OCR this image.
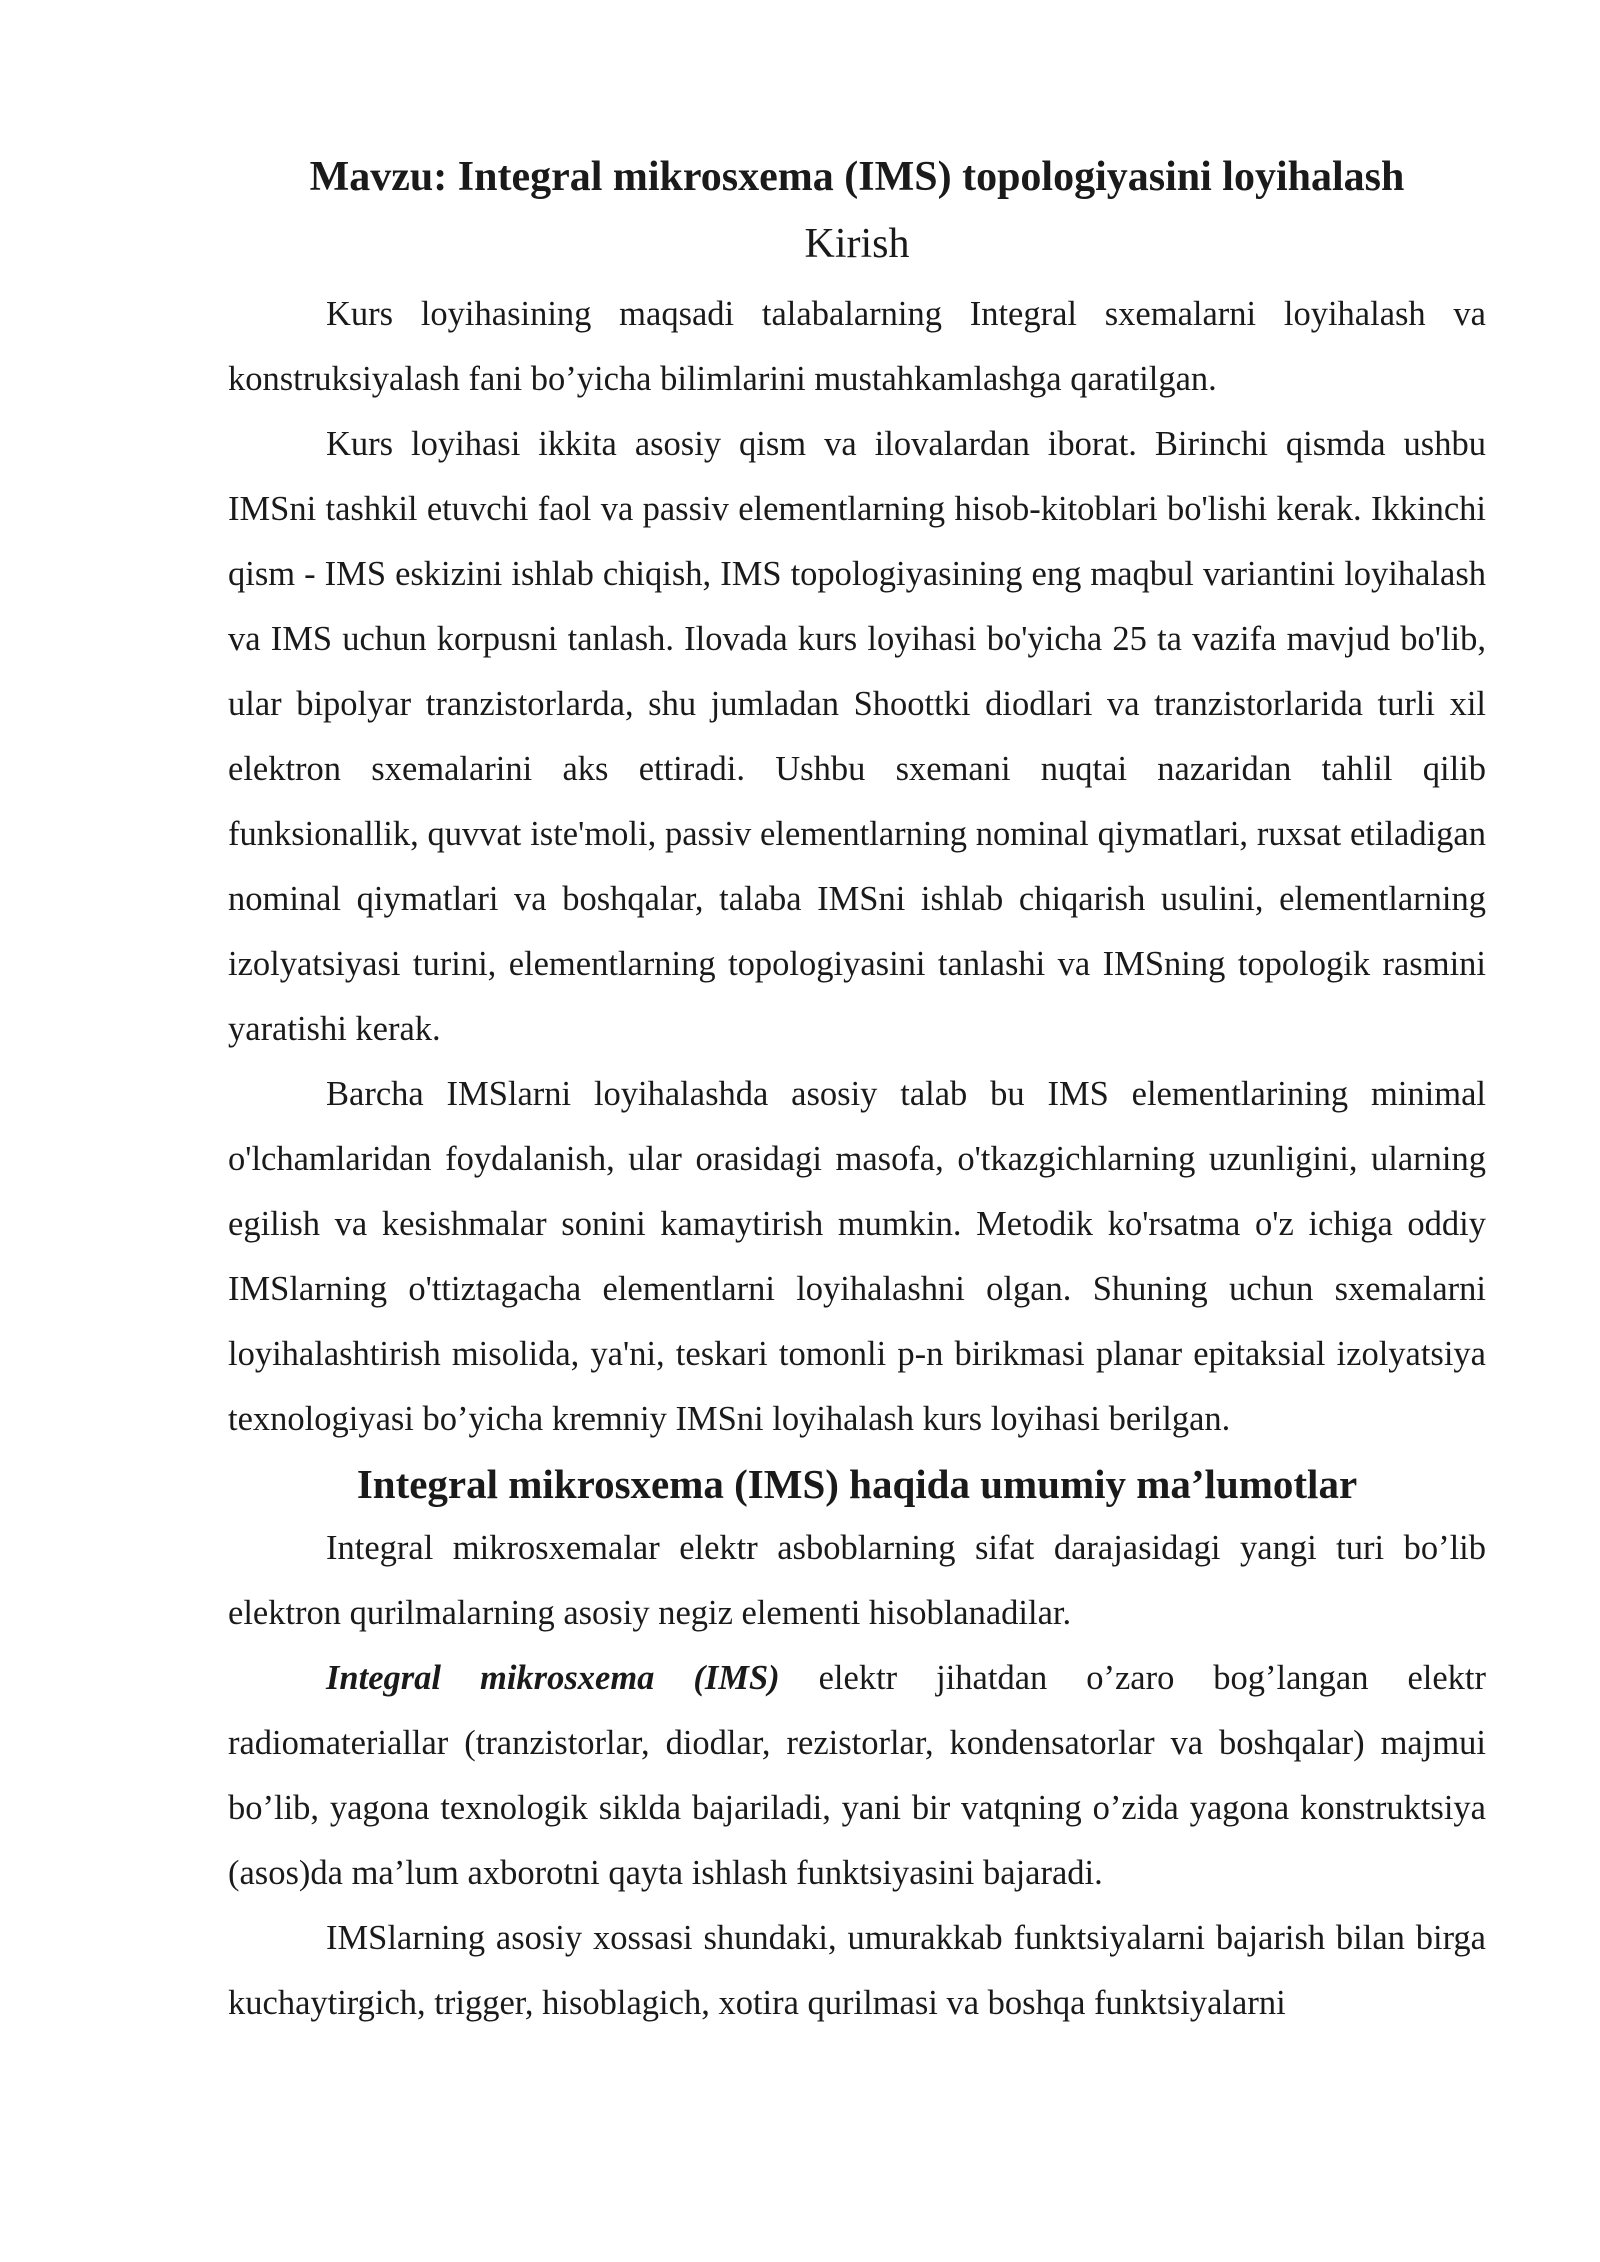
Mavzu: Integral mikrosxema (IMS) topologiyasini loyihalash
Kirish

Kurs loyihasining maqsadi talabalarning Integral sxemalarni loyihalash va konstruksiyalash fani bo’yicha bilimlarini mustahkamlashga qaratilgan.

Kurs loyihasi ikkita asosiy qism va ilovalardan iborat. Birinchi qismda ushbu IMSni tashkil etuvchi faol va passiv elementlarning hisob-kitoblari bo'lishi kerak. Ikkinchi qism - IMS eskizini ishlab chiqish, IMS topologiyasining eng maqbul variantini loyihalash va IMS uchun korpusni tanlash. Ilovada kurs loyihasi bo'yicha 25 ta vazifa mavjud bo'lib, ular bipolyar tranzistorlarda, shu jumladan Shoottki diodlari va tranzistorlarida turli xil elektron sxemalarini aks ettiradi. Ushbu sxemani nuqtai nazaridan tahlil qilib funksionallik, quvvat iste'moli, passiv elementlarning nominal qiymatlari, ruxsat etiladigan nominal qiymatlari va boshqalar, talaba IMSni ishlab chiqarish usulini, elementlarning izolyatsiyasi turini, elementlarning topologiyasini tanlashi va IMSning topologik rasmini yaratishi kerak.

Barcha IMSlarni loyihalashda asosiy talab bu IMS elementlarining minimal o'lchamlaridan foydalanish, ular orasidagi masofa, o'tkazgichlarning uzunligini, ularning egilish va kesishmalar sonini kamaytirish mumkin. Metodik ko'rsatma o'z ichiga oddiy IMSlarning o'ttiztagacha elementlarni loyihalashni olgan. Shuning uchun sxemalarni loyihalashtirish misolida, ya'ni, teskari tomonli p-n birikmasi planar epitaksial izolyatsiya texnologiyasi bo’yicha kremniy IMSni loyihalash kurs loyihasi berilgan.

Integral mikrosxema (IMS) haqida umumiy ma’lumotlar

Integral mikrosxemalar elektr asboblarning sifat darajasidagi yangi turi bo’lib elektron qurilmalarning asosiy negiz elementi hisoblanadilar.

Integral mikrosxema (IMS) elektr jihatdan o’zaro bog’langan elektr radiomateriallar (tranzistorlar, diodlar, rezistorlar, kondensatorlar va boshqalar) majmui bo’lib, yagona texnologik siklda bajariladi, yani bir vatqning o’zida yagona konstruktsiya (asos)da ma’lum axborotni qayta ishlash funktsiyasini bajaradi.

IMSlarning asosiy xossasi shundaki, umurakkab funktsiyalarni bajarish bilan birga kuchaytirgich, trigger, hisoblagich, xotira qurilmasi va boshqa funktsiyalarni
